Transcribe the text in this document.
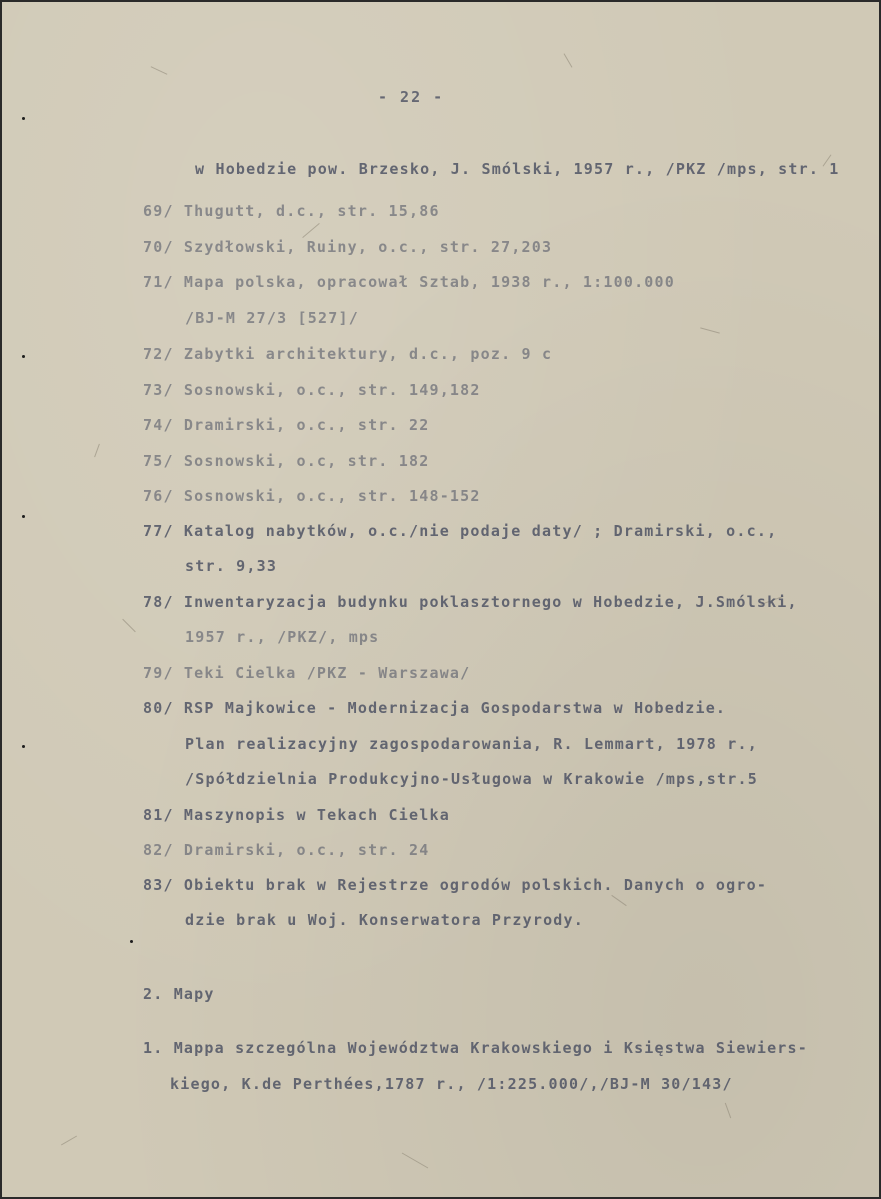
- 22 -
w Hobedzie pow. Brzesko, J. Smólski, 1957 r., /PKZ /mps, str. 1
69/ Thugutt, d.c., str. 15,86
70/ Szydłowski, Ruiny, o.c., str. 27,203
71/ Mapa polska, opracował Sztab, 1938 r., 1:100.000
/BJ-M 27/3 [527]/
72/ Zabytki architektury, d.c., poz. 9 c
73/ Sosnowski, o.c., str. 149,182
74/ Dramirski, o.c., str. 22
75/ Sosnowski, o.c, str. 182
76/ Sosnowski, o.c., str. 148-152
77/ Katalog nabytków, o.c./nie podaje daty/ ; Dramirski, o.c.,
str. 9,33
78/ Inwentaryzacja budynku poklasztornego w Hobedzie, J.Smólski,
1957 r., /PKZ/, mps
79/ Teki Cielka /PKZ - Warszawa/
80/ RSP Majkowice - Modernizacja Gospodarstwa w Hobedzie.
Plan realizacyjny zagospodarowania, R. Lemmart, 1978 r.,
/Spółdzielnia Produkcyjno-Usługowa w Krakowie /mps,str.5
81/ Maszynopis w Tekach Cielka
82/ Dramirski, o.c., str. 24
83/ Obiektu brak w Rejestrze ogrodów polskich. Danych o ogro-
dzie brak u Woj. Konserwatora Przyrody.
2. Mapy
1. Mappa szczególna Województwa Krakowskiego i Księstwa Siewiers-
kiego, K.de Perthées,1787 r., /1:225.000/,/BJ-M 30/143/
